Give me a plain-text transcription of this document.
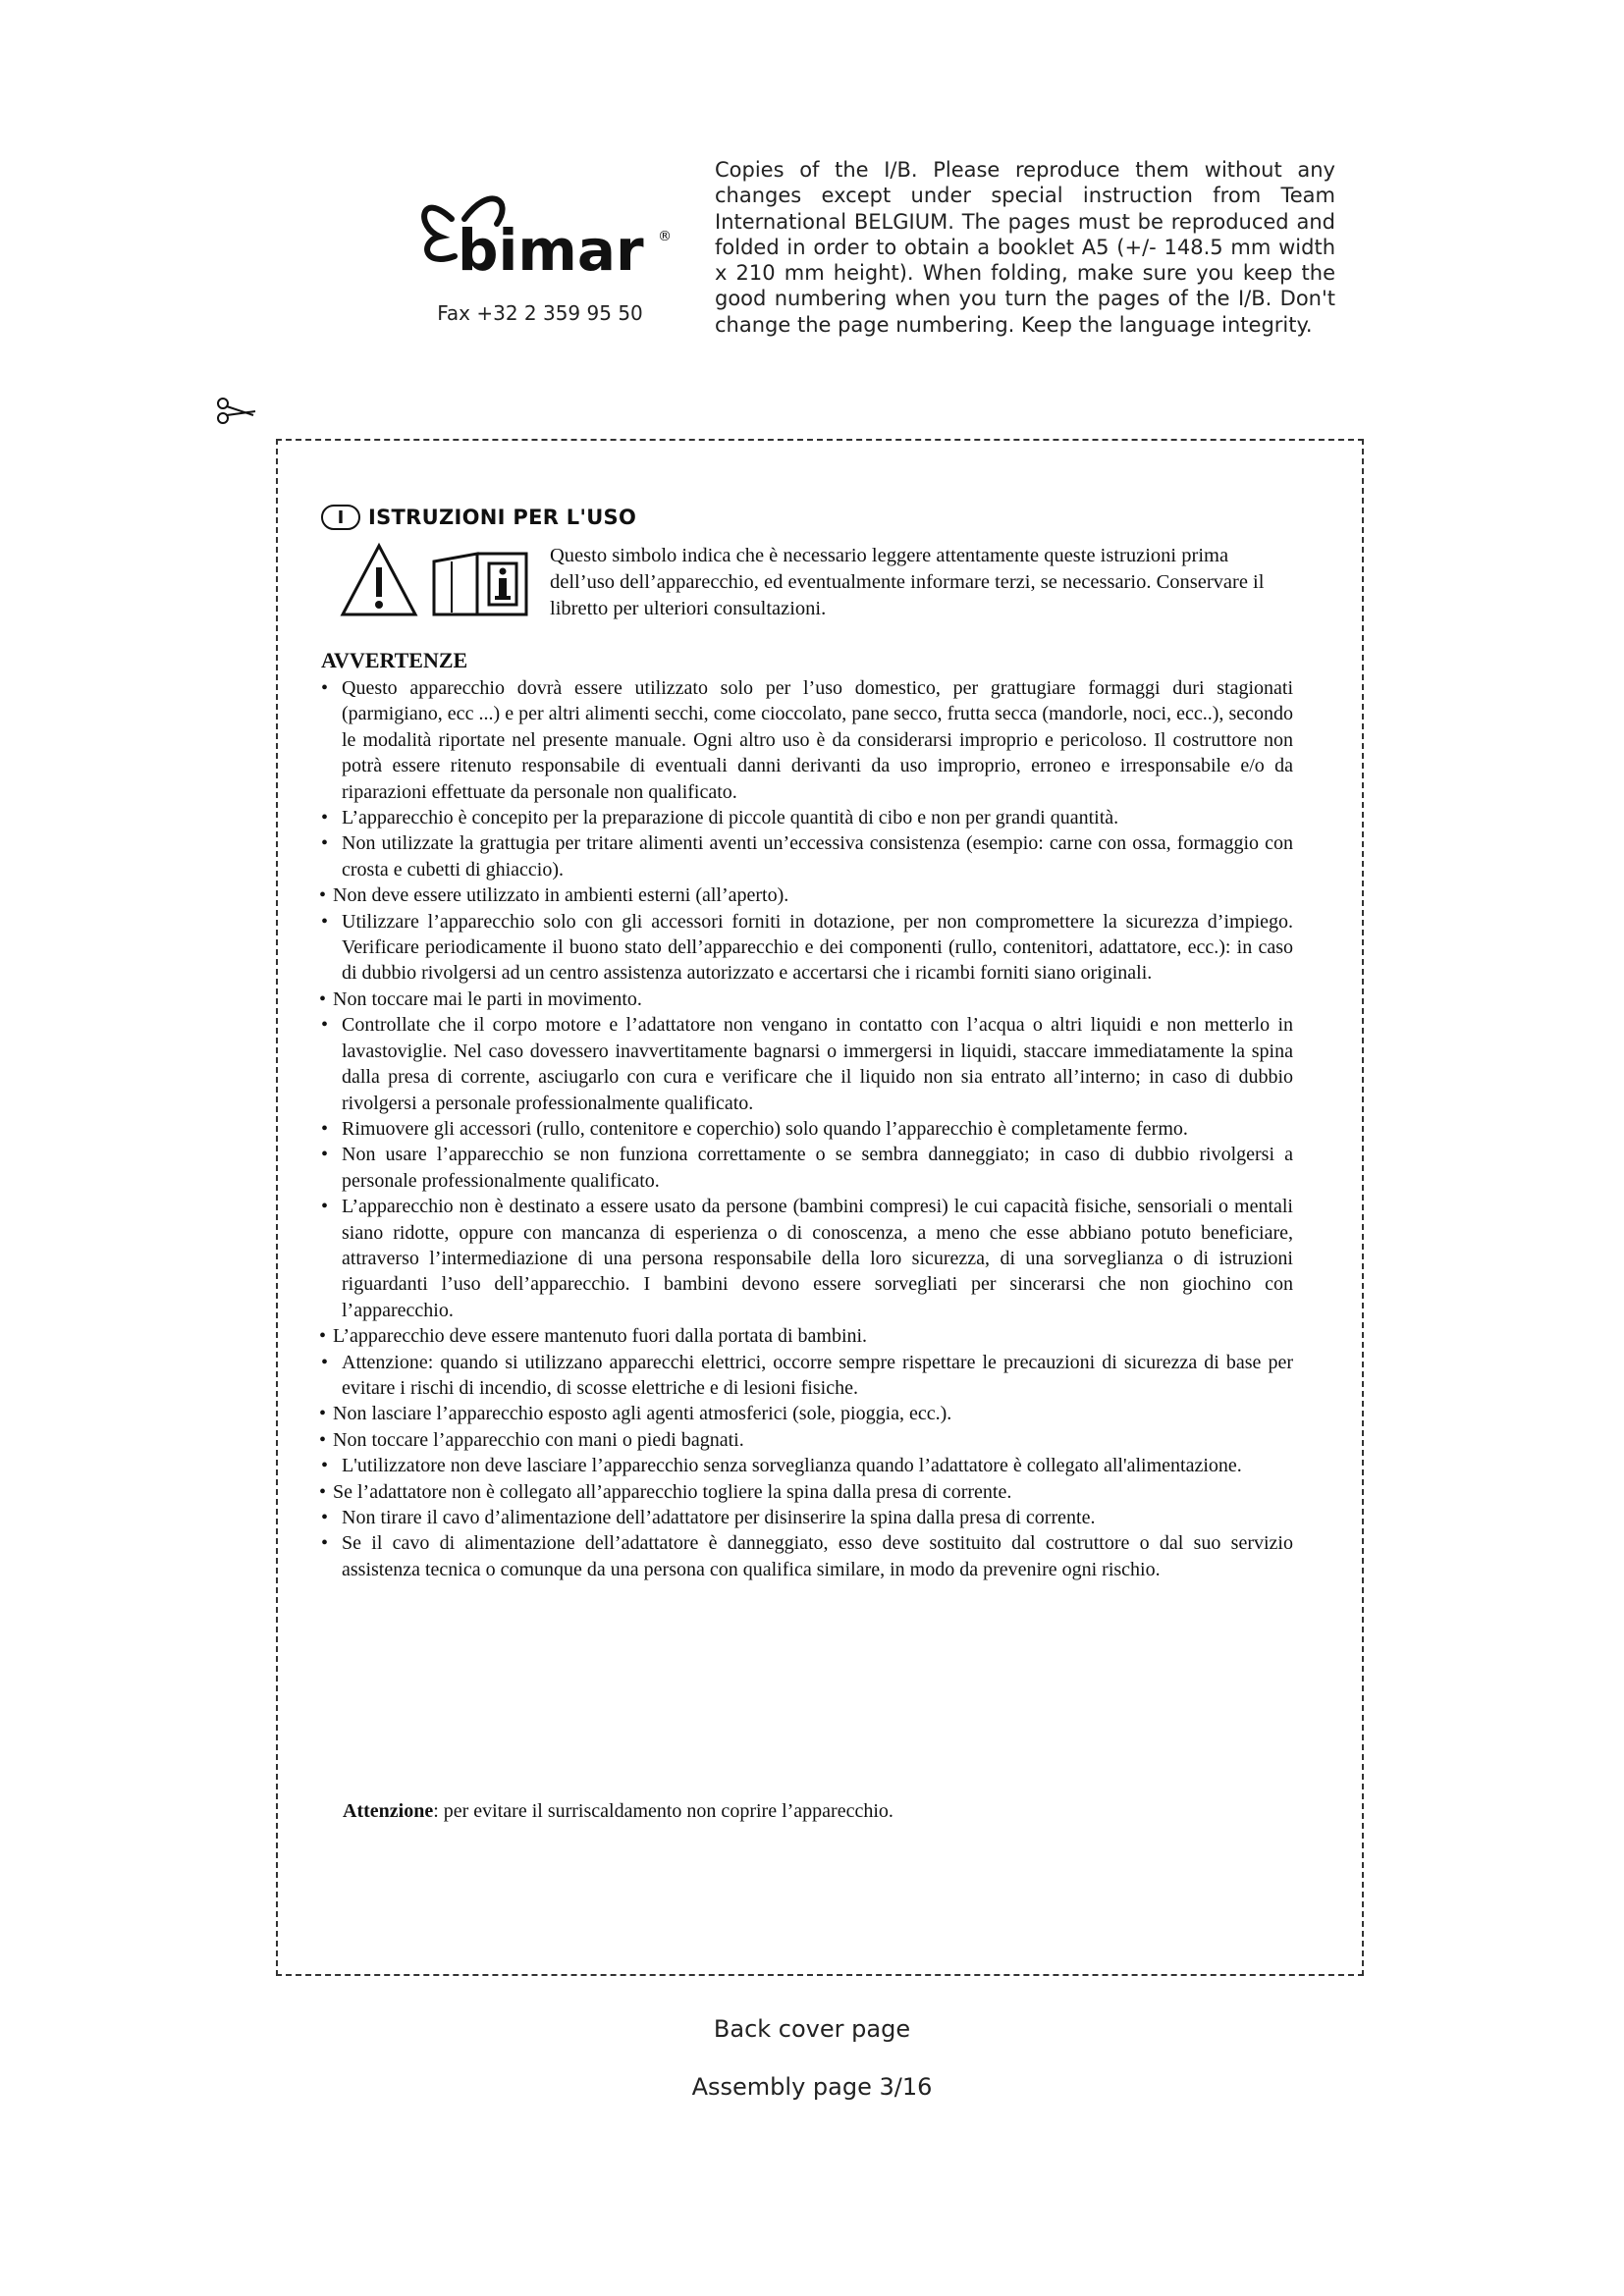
bimar ®
Fax +32 2 359 95 50
Copies of the I/B. Please reproduce them without any changes except under special instruction from Team International BELGIUM. The pages must be reproduced and folded in order to obtain a booklet A5 (+/- 148.5 mm width x 210 mm height). When folding, make sure you keep the good numbering when you turn the pages of the I/B. Don't change the page numbering. Keep the language integrity.
I	ISTRUZIONI PER L'USO
Questo simbolo indica che è necessario leggere attentamente queste istruzioni prima dell’uso dell’apparecchio, ed eventualmente informare terzi, se necessario. Conservare il libretto per ulteriori consultazioni.
AVVERTENZE
• Questo apparecchio dovrà essere utilizzato solo per l’uso domestico, per grattugiare formaggi duri stagionati (parmigiano, ecc ...) e per altri alimenti secchi, come cioccolato, pane secco, frutta secca (mandorle, noci, ecc..), secondo le modalità riportate nel presente manuale. Ogni altro uso è da considerarsi improprio e pericoloso. Il costruttore non potrà essere ritenuto responsabile di eventuali danni derivanti da uso improprio, erroneo e irresponsabile e/o da riparazioni effettuate da personale non qualificato.
• L’apparecchio è concepito per la preparazione di piccole quantità di cibo e non per grandi quantità.
• Non utilizzate la grattugia per tritare alimenti aventi un’eccessiva consistenza (esempio: carne con ossa, formaggio con crosta e cubetti di ghiaccio).
• Non deve essere utilizzato in ambienti esterni (all’aperto).
• Utilizzare l’apparecchio solo con gli accessori forniti in dotazione, per non compromettere la sicurezza d’impiego. Verificare periodicamente il buono stato dell’apparecchio e dei componenti (rullo, contenitori, adattatore, ecc.): in caso di dubbio rivolgersi ad un centro assistenza autorizzato e accertarsi che i ricambi forniti siano originali.
• Non toccare mai le parti in movimento.
• Controllate che il corpo motore e l’adattatore non vengano in contatto con l’acqua o altri liquidi e non metterlo in lavastoviglie. Nel caso dovessero inavvertitamente bagnarsi o immergersi in liquidi, staccare immediatamente la spina dalla presa di corrente, asciugarlo con cura e verificare che il liquido non sia entrato all’interno; in caso di dubbio rivolgersi a personale professionalmente qualificato.
• Rimuovere gli accessori (rullo, contenitore e coperchio) solo quando l’apparecchio è completamente fermo.
• Non usare l’apparecchio se non funziona correttamente o se sembra danneggiato; in caso di dubbio rivolgersi a personale professionalmente qualificato.
• L’apparecchio non è destinato a essere usato da persone (bambini compresi) le cui capacità fisiche, sensoriali o mentali siano ridotte, oppure con mancanza di esperienza o di conoscenza, a meno che esse abbiano potuto beneficiare, attraverso l’intermediazione di una persona responsabile della loro sicurezza, di una sorveglianza o di istruzioni riguardanti l’uso dell’apparecchio. I bambini devono essere sorvegliati per sincerarsi che non giochino con l’apparecchio.
• L’apparecchio deve essere mantenuto fuori dalla portata di bambini.
• Attenzione: quando si utilizzano apparecchi elettrici, occorre sempre rispettare le precauzioni di sicurezza di base per evitare i rischi di incendio, di scosse elettriche e di lesioni fisiche.
• Non lasciare l’apparecchio esposto agli agenti atmosferici (sole, pioggia, ecc.).
• Non toccare l’apparecchio con mani o piedi bagnati.
• L'utilizzatore non deve lasciare l’apparecchio senza sorveglianza quando l’adattatore è collegato all'alimentazione.
• Se l’adattatore non è collegato all’apparecchio togliere la spina dalla presa di corrente.
• Non tirare il cavo d’alimentazione dell’adattatore per disinserire la spina dalla presa di corrente.
• Se il cavo di alimentazione dell’adattatore è danneggiato, esso deve sostituito dal costruttore o dal suo servizio assistenza tecnica o comunque da una persona con qualifica similare, in modo da prevenire ogni rischio.
Attenzione: per evitare il surriscaldamento non coprire l’apparecchio.
Back cover page
Assembly page 3/16
